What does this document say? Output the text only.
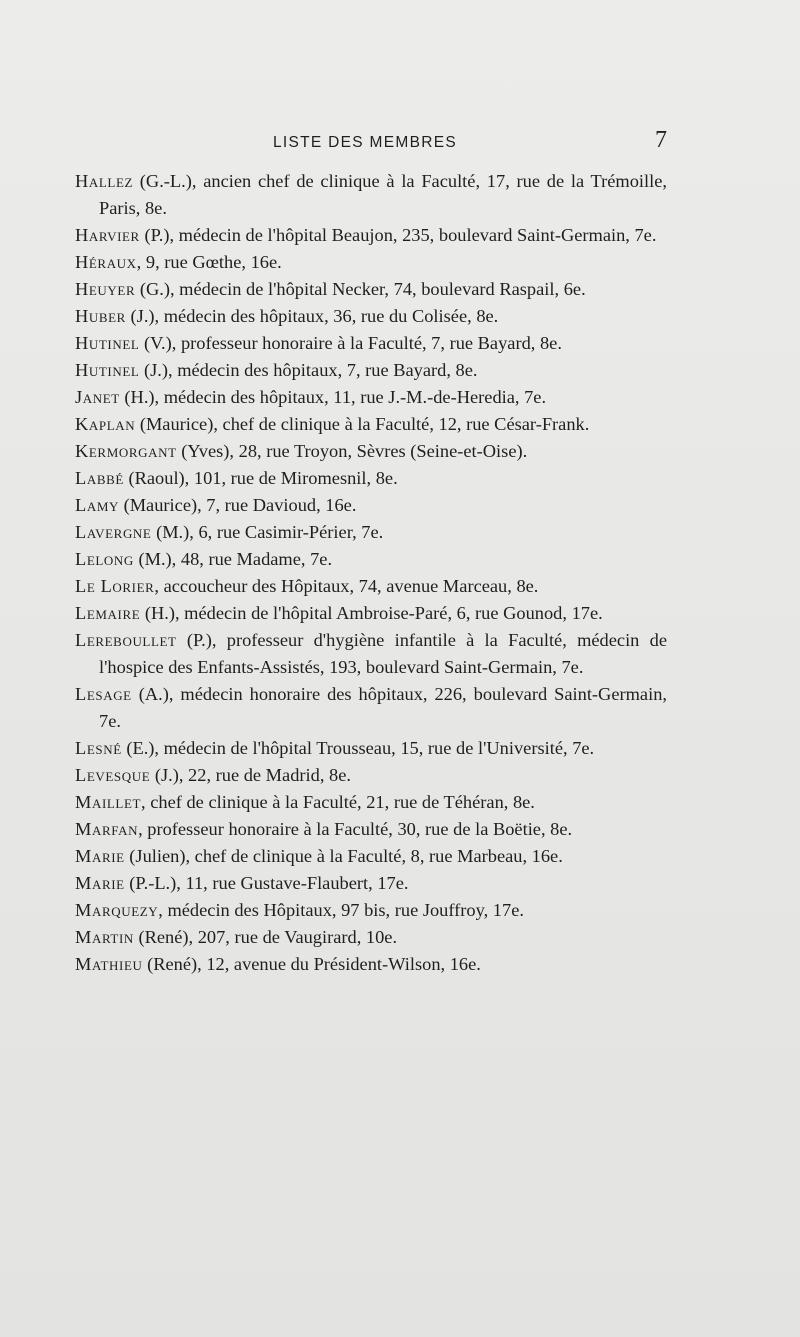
LISTE DES MEMBRES	7

Hallez (G.-L.), ancien chef de clinique à la Faculté, 17, rue de la Trémoille, Paris, 8e.

Harvier (P.), médecin de l'hôpital Beaujon, 235, boulevard Saint-Germain, 7e.

Héraux, 9, rue Gœthe, 16e.

Heuyer (G.), médecin de l'hôpital Necker, 74, boulevard Raspail, 6e.

Huber (J.), médecin des hôpitaux, 36, rue du Colisée, 8e.

Hutinel (V.), professeur honoraire à la Faculté, 7, rue Bayard, 8e.

Hutinel (J.), médecin des hôpitaux, 7, rue Bayard, 8e.

Janet (H.), médecin des hôpitaux, 11, rue J.-M.-de-Heredia, 7e.

Kaplan (Maurice), chef de clinique à la Faculté, 12, rue César-Frank.

Kermorgant (Yves), 28, rue Troyon, Sèvres (Seine-et-Oise).

Labbé (Raoul), 101, rue de Miromesnil, 8e.

Lamy (Maurice), 7, rue Davioud, 16e.

Lavergne (M.), 6, rue Casimir-Périer, 7e.

Lelong (M.), 48, rue Madame, 7e.

Le Lorier, accoucheur des Hôpitaux, 74, avenue Marceau, 8e.

Lemaire (H.), médecin de l'hôpital Ambroise-Paré, 6, rue Gounod, 17e.

Lereboullet (P.), professeur d'hygiène infantile à la Faculté, médecin de l'hospice des Enfants-Assistés, 193, boulevard Saint-Germain, 7e.

Lesage (A.), médecin honoraire des hôpitaux, 226, boulevard Saint-Germain, 7e.

Lesné (E.), médecin de l'hôpital Trousseau, 15, rue de l'Université, 7e.

Levesque (J.), 22, rue de Madrid, 8e.

Maillet, chef de clinique à la Faculté, 21, rue de Téhéran, 8e.

Marfan, professeur honoraire à la Faculté, 30, rue de la Boëtie, 8e.

Marie (Julien), chef de clinique à la Faculté, 8, rue Marbeau, 16e.

Marie (P.-L.), 11, rue Gustave-Flaubert, 17e.

Marquezy, médecin des Hôpitaux, 97 bis, rue Jouffroy, 17e.

Martin (René), 207, rue de Vaugirard, 10e.

Mathieu (René), 12, avenue du Président-Wilson, 16e.
